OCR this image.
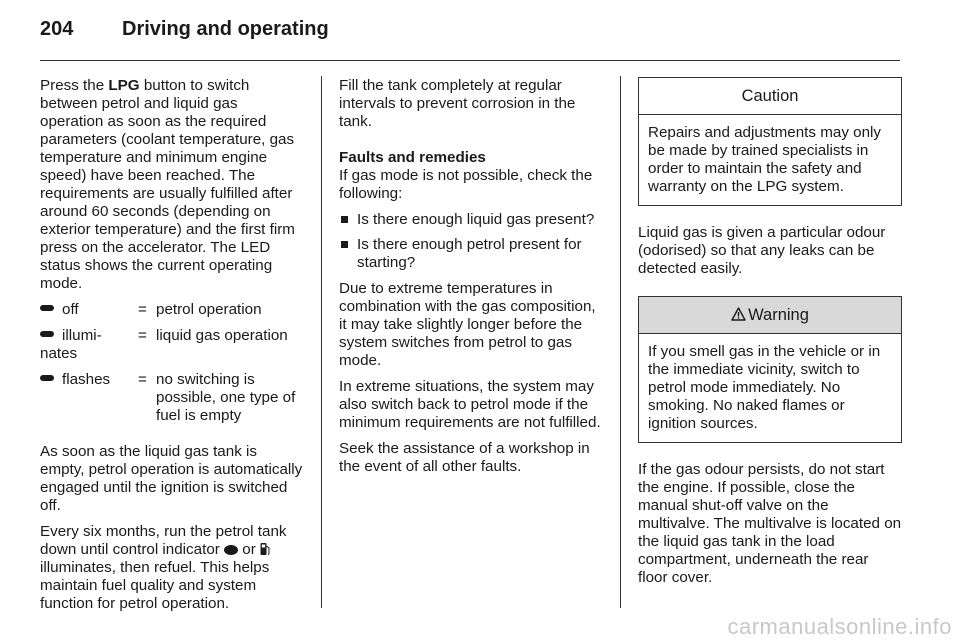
204 Driving and operating

Press the LPG button to switch between petrol and liquid gas operation as soon as the required parameters (coolant temperature, gas temperature and minimum engine speed) have been reached. The requirements are usually fulfilled after around 60 seconds (depending on exterior temperature) and the first firm press on the accelerator. The LED status shows the current operating mode.

off	= petrol operation
illumi-nates
= liquid gas operation
flashes	= no switching is possible, one type of fuel is empty

As soon as the liquid gas tank is empty, petrol operation is automatically engaged until the ignition is switched off.

Every six months, run the petrol tank down until control indicator  or  illuminates, then refuel. This helps maintain fuel quality and system function for petrol operation.

Fill the tank completely at regular intervals to prevent corrosion in the tank.

Faults and remedies

If gas mode is not possible, check the following:

Is there enough liquid gas present?
Is there enough petrol present for starting?

Due to extreme temperatures in combination with the gas composition, it may take slightly longer before the system switches from petrol to gas mode.

In extreme situations, the system may also switch back to petrol mode if the minimum requirements are not fulfilled.

Seek the assistance of a workshop in the event of all other faults.

Caution
Repairs and adjustments may only be made by trained specialists in order to maintain the safety and warranty on the LPG system.

Liquid gas is given a particular odour (odorised) so that any leaks can be detected easily.

Warning
If you smell gas in the vehicle or in the immediate vicinity, switch to petrol mode immediately. No smoking. No naked flames or ignition sources.

If the gas odour persists, do not start the engine. If possible, close the manual shut-off valve on the multivalve. The multivalve is located on the liquid gas tank in the load compartment, underneath the rear floor cover.

carmanualsonline.info
